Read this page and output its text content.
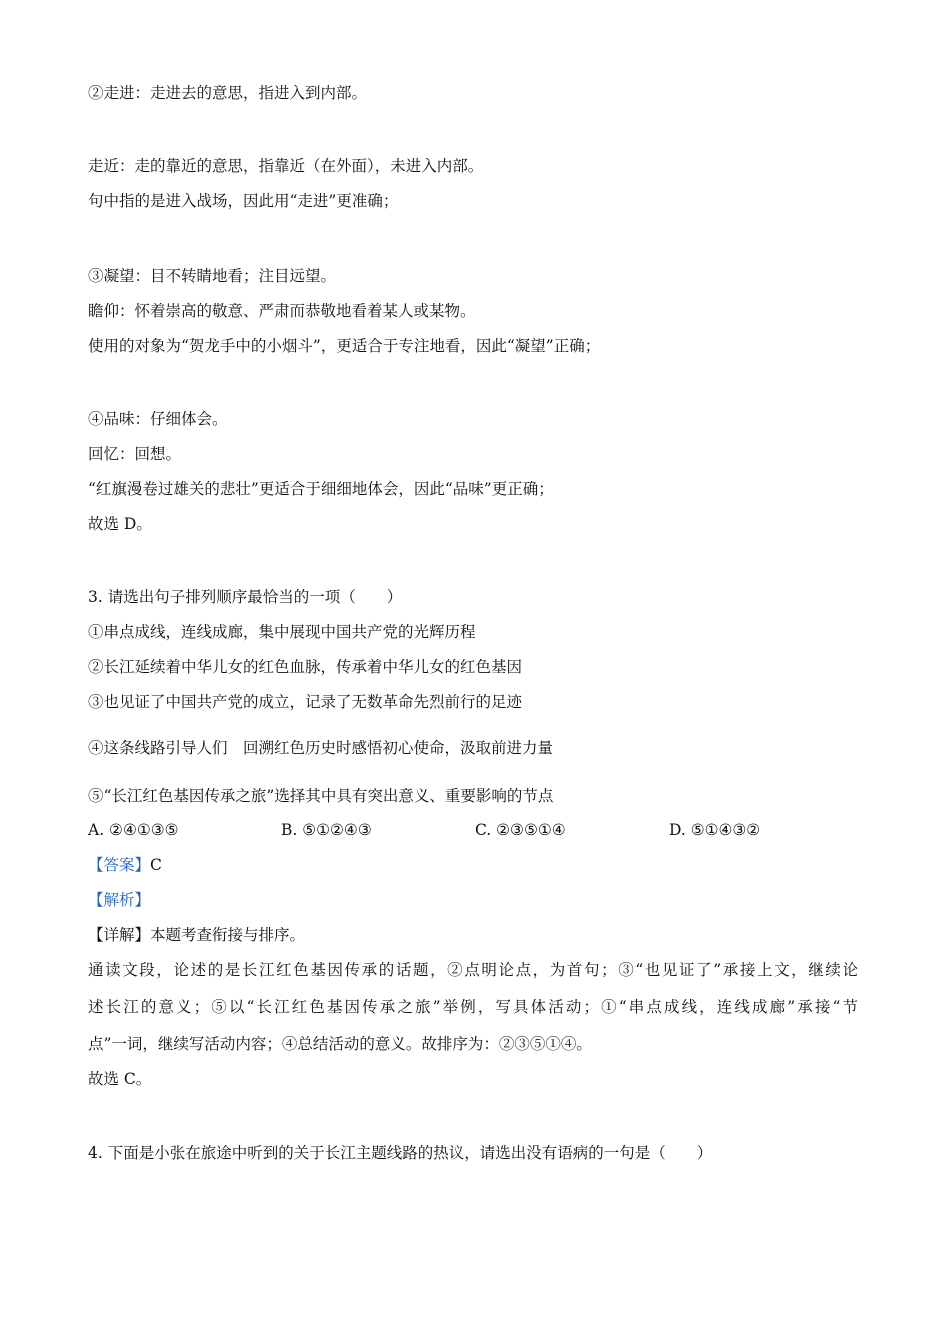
②走进：走进去的意思，指进入到内部。
走近：走的靠近的意思，指靠近（在外面），未进入内部。
句中指的是进入战场，因此用“走进”更准确；
③凝望：目不转睛地看；注目远望。
瞻仰：怀着崇高的敬意、严肃而恭敬地看着某人或某物。
使用的对象为“贺龙手中的小烟斗”，更适合于专注地看，因此“凝望”正确；
④品味：仔细体会。
回忆：回想。
“红旗漫卷过雄关的悲壮”更适合于细细地体会，因此“品味”更正确；
故选 D。
3. 请选出句子排列顺序最恰当的一项（　　）
①串点成线，连线成廊，集中展现中国共产党的光辉历程
②长江延续着中华儿女的红色血脉，传承着中华儿女的红色基因
③也见证了中国共产党的成立，记录了无数革命先烈前行的足迹
④这条线路引导人们　回溯红色历史时感悟初心使命，汲取前进力量
⑤“长江红色基因传承之旅”选择其中具有突出意义、重要影响的节点
A. ②④①③⑤	B. ⑤①②④③	C. ②③⑤①④	D. ⑤①④③②
【答案】C
【解析】
【详解】本题考查衔接与排序。
通读文段，论述的是长江红色基因传承的话题，②点明论点，为首句；③“也见证了”承接上文，继续论
述长江的意义；⑤以“长江红色基因传承之旅”举例，写具体活动；①“串点成线，连线成廊”承接“节
点”一词，继续写活动内容；④总结活动的意义。故排序为：②③⑤①④。
故选 C。
4. 下面是小张在旅途中听到的关于长江主题线路的热议，请选出没有语病的一句是（　　）
